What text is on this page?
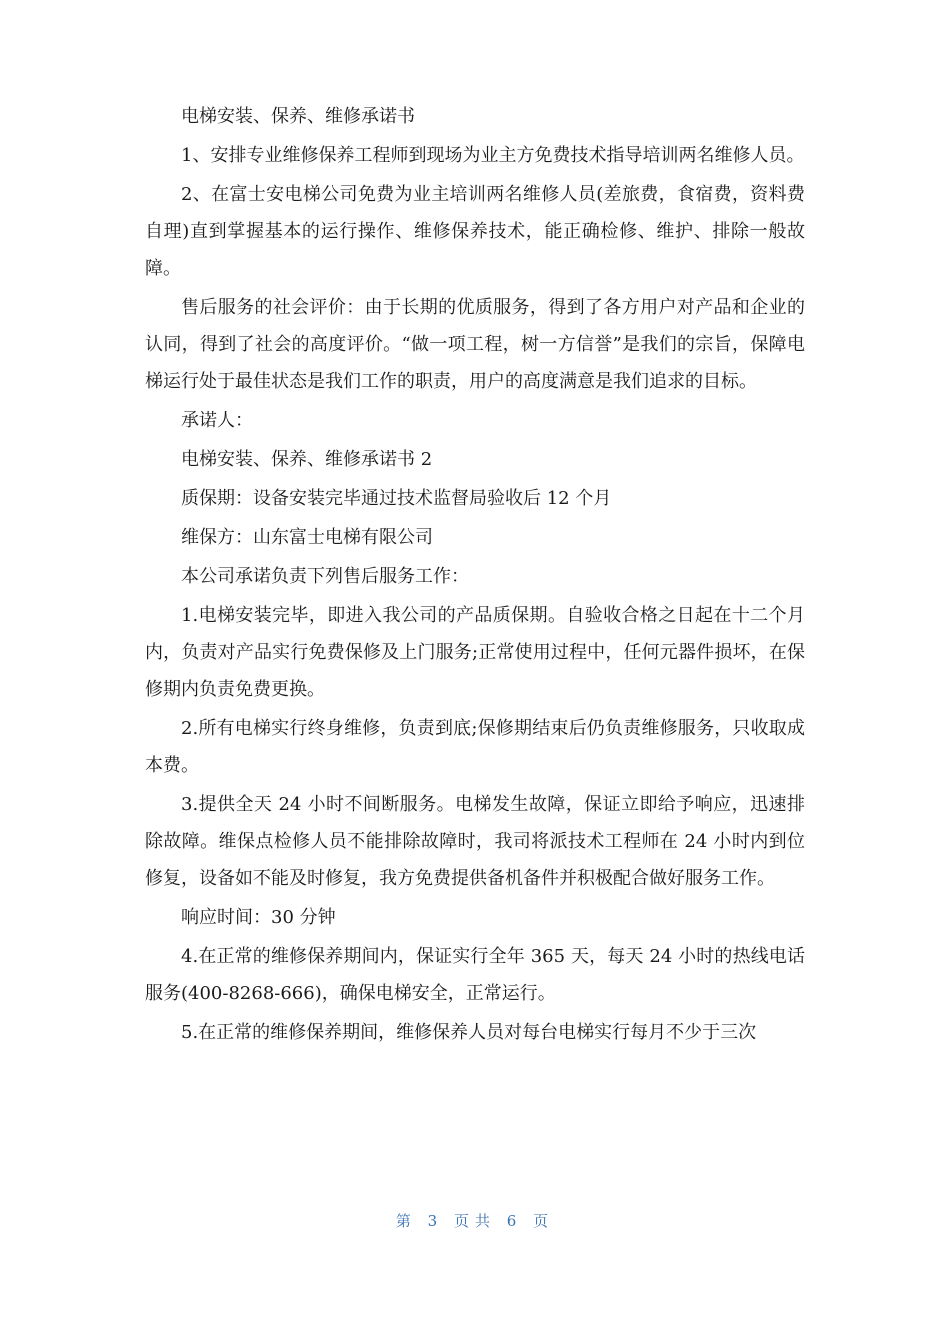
电梯安装、保养、维修承诺书

1、安排专业维修保养工程师到现场为业主方免费技术指导培训两名维修人员。

2、在富士安电梯公司免费为业主培训两名维修人员(差旅费，食宿费，资料费自理)直到掌握基本的运行操作、维修保养技术，能正确检修、维护、排除一般故障。

售后服务的社会评价：由于长期的优质服务，得到了各方用户对产品和企业的认同，得到了社会的高度评价。“做一项工程，树一方信誉”是我们的宗旨，保障电梯运行处于最佳状态是我们工作的职责，用户的高度满意是我们追求的目标。

承诺人：

电梯安装、保养、维修承诺书 2

质保期：设备安装完毕通过技术监督局验收后 12 个月

维保方：山东富士电梯有限公司

本公司承诺负责下列售后服务工作：

1.电梯安装完毕，即进入我公司的产品质保期。自验收合格之日起在十二个月内，负责对产品实行免费保修及上门服务;正常使用过程中，任何元器件损坏，在保修期内负责免费更换。

2.所有电梯实行终身维修，负责到底;保修期结束后仍负责维修服务，只收取成本费。

3.提供全天 24 小时不间断服务。电梯发生故障，保证立即给予响应，迅速排除故障。维保点检修人员不能排除故障时，我司将派技术工程师在 24 小时内到位修复，设备如不能及时修复，我方免费提供备机备件并积极配合做好服务工作。

响应时间：30 分钟

4.在正常的维修保养期间内，保证实行全年 365 天，每天 24 小时的热线电话服务(400-8268-666)，确保电梯安全，正常运行。

5.在正常的维修保养期间，维修保养人员对每台电梯实行每月不少于三次

第 3 页共 6 页
